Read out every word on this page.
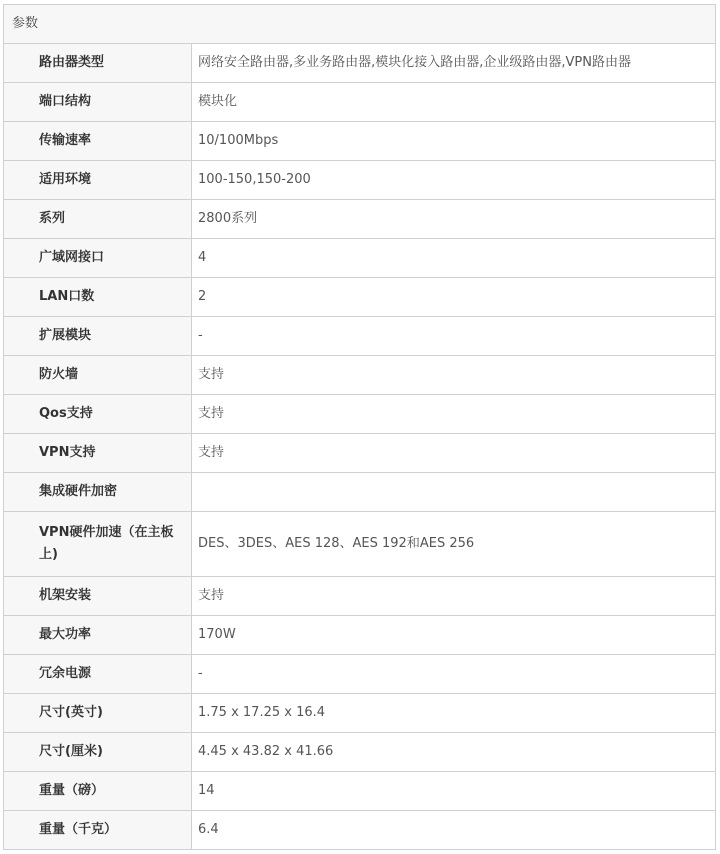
参数	
路由器类型	网络安全路由器,多业务路由器,模块化接入路由器,企业级路由器,VPN路由器
端口结构	模块化
传输速率	10/100Mbps
适用环境	100-150,150-200
系列	2800系列
广域网接口	4
LAN口数	2
扩展模块	-
防火墙	支持
Qos支持	支持
VPN支持	支持
集成硬件加密	
VPN硬件加速（在主板上)	DES、3DES、AES 128、AES 192和AES 256
机架安装	支持
最大功率	170W
冗余电源	-
尺寸(英寸)	1.75 x 17.25 x 16.4
尺寸(厘米)	4.45 x 43.82 x 41.66
重量（磅）	14
重量（千克）	6.4
